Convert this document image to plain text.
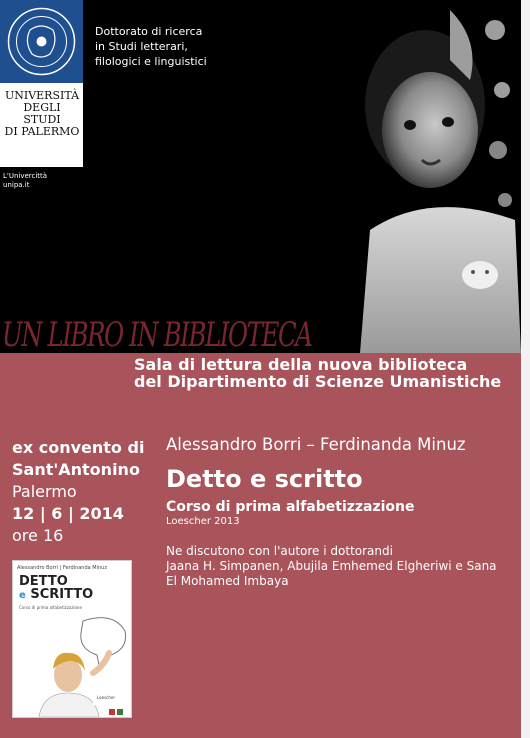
UNIVERSITÀ
DEGLI STUDI
DI PALERMO
Dottorato di ricerca
in Studi letterari,
filologici e linguistici
L'Univercittà
unipa.it
UN LIBRO IN BIBLIOTECA
Sala di lettura della nuova biblioteca
del Dipartimento di Scienze Umanistiche
ex convento di
Sant'Antonino
Palermo
12 | 6 | 2014
ore 16
Alessandro Borri – Ferdinanda Minuz
Detto e scritto
Corso di prima alfabetizzazione
Loescher 2013
Ne discutono con l'autore i dottorandi
Jaana H. Simpanen, Abujila Emhemed Elgheriwi e Sana
El Mohamed Imbaya
Alessandro Borri | Ferdinanda Minuz
DETTO
e SCRITTO
Corso di prima alfabetizzazione
Loescher
